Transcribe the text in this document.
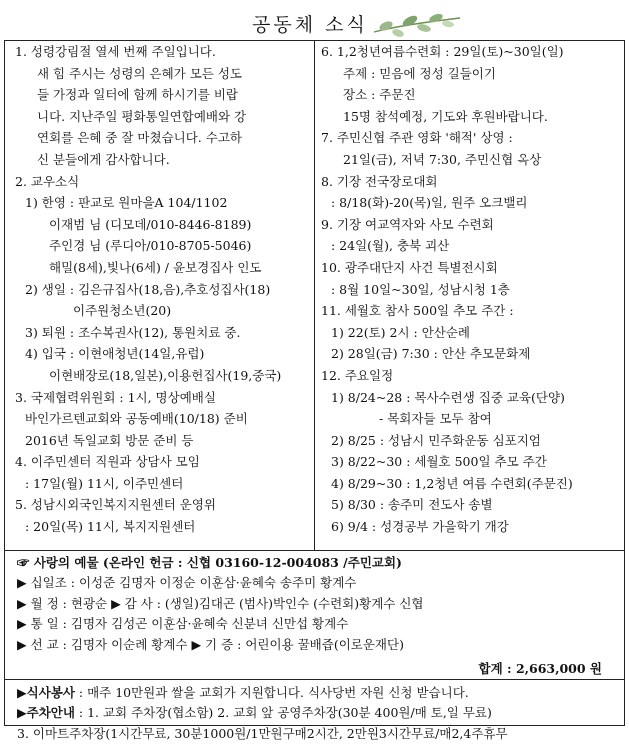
공동체 소식
1. 성령강림절 열세 번째 주일입니다.
새 힘 주시는 성령의 은혜가 모든 성도
들 가정과 일터에 함께 하시기를 비랍
니다. 지난주일 평화통일연합예배와 강
연회를 은혜 중 잘 마쳤습니다. 수고하
신 분들에게 감사합니다.
2. 교우소식
1) 한영 : 판교로 원마을A 104/1102
이재범 님 (디모데/010-8446-8189)
주인경 님 (루디아/010-8705-5046)
해밀(8세),빛나(6세) / 윤보경집사 인도
2) 생일 : 김은규집사(18,음),추호성집사(18)
이주원청소년(20)
3) 퇴원 : 조수복권사(12), 통원치료 중.
4) 입국 : 이현애청년(14일,유럽)
이현배장로(18,일본),이용헌집사(19,중국)
3. 국제협력위원회 : 1시, 명상예배실
바인가르텐교회와 공동예배(10/18) 준비
2016년 독일교회 방문 준비 등
4. 이주민센터 직원과 상담사 모임
: 17일(월) 11시, 이주민센터
5. 성남시외국인복지지원센터 운영위
: 20일(목) 11시, 복지지원센터
6. 1,2청년여름수련회 : 29일(토)~30일(일)
주제 : 믿음에 정성 길들이기
장소 : 주문진
15명 참석예정, 기도와 후원바랍니다.
7. 주민신협 주관 영화 '해적' 상영 :
21일(금), 저녁 7:30, 주민신협 옥상
8. 기장 전국장로대회
: 8/18(화)-20(목)일, 원주 오크밸리
9. 기장 여교역자와 사모 수련회
: 24일(월), 충북 괴산
10. 광주대단지 사건 특별전시회
: 8월 10일~30일, 성남시청 1층
11. 세월호 참사 500일 추모 주간 :
1) 22(토) 2시 : 안산순례
2) 28일(금) 7:30 : 안산 추모문화제
12. 주요일정
1) 8/24~28 : 목사수련생 집중 교육(단양)
- 목회자들 모두 참여
2) 8/25 : 성남시 민주화운동 심포지엄
3) 8/22~30 : 세월호 500일 추모 주간
4) 8/29~30 : 1,2청년 여름 수련회(주문진)
5) 8/30 : 송주미 전도사 송별
6) 9/4 : 성경공부 가을학기 개강
☞ 사랑의 예물 (온라인 헌금 : 신협 03160-12-004083 /주민교회)
▶ 십일조 : 이성준 김명자 이정순 이훈삼·윤혜숙 송주미 황계수
▶ 월 정 : 현광순 ▶ 감 사 : (생일)김대곤 (범사)박인수 (수련회)황계수 신협
▶ 통 일 : 김명자 김성곤 이훈삼·윤혜숙 신분녀 신만섭 황계수
▶ 선 교 : 김명자 이순례 황계수 ▶ 기 증 : 어린이용 꿀배즙(이로운재단)
합계 : 2,663,000 원
▶식사봉사 : 매주 10만원과 쌀을 교회가 지원합니다. 식사당번 자원 신청 받습니다.
▶주차안내 : 1. 교회 주차장(협소함) 2. 교회 앞 공영주차장(30분 400원/매 토,일 무료)
3. 이마트주차장(1시간무료, 30분1000원/1만원구매2시간, 2만원3시간무료/매2,4주휴무
